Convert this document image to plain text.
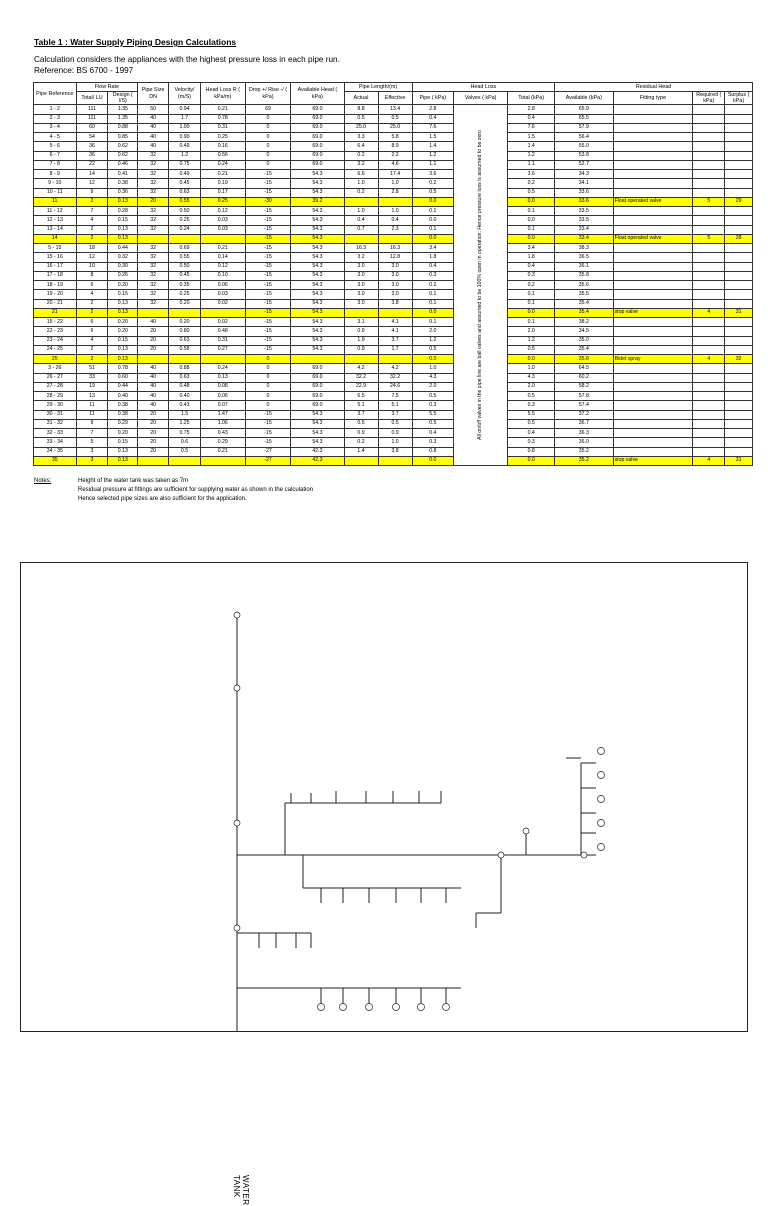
Table 1 : Water Supply Piping Design Calculations
Calculation considers the appliances with the highest pressure loss in each pipe run.
Reference: BS 6700 - 1997
Pipe Reference	Flow Rate		Pipe Size DN	Velocity/ (m/S)	Head Loss R ( kPa/m)	Drop +/ Rise -/ ( kPa)	Available Head ( kPa)	Pipe Length/(m)		Head Loss			Residual Head			
	Total/ LU	Design ( l/S)						Actual	Effective	Pipe ( kPa)	Valves ( kPa)	Total (kPa)	Available (kPa)	Fitting type	Required ( kPa)	Surplus ( kPa)
1 - 2	111	1.35	50	0.94	0.21	69	69.0	8.8	13.4	2.8	All on/off valves in the pipe line are ball valves and assumed to be 100% open in operation. Hence pressure loss is assumed to be zero	2.8	65.9			
2 - 3	111	1.35	40	1.7	0.78	0	69.0	0.5	0.5	0.4		0.4	65.5			
3 - 4	60	0.88	40	1.00	0.31	0	69.0	25.0	25.0	7.6		7.6	57.9			
4 - 5	54	0.85	40	0.90	0.25	0	69.0	3.3	5.8	1.5		1.5	56.4			
5 - 6	36	0.62	40	0.49	0.16	0	69.0	6.4	8.9	1.4		1.4	55.0			
6 - 7	36	0.62	32	1.2	0.56	0	69.0	0.2	2.2	1.2		1.2	53.8			
7 - 8	22	0.46	32	0.75	0.24	0	69.0	3.2	4.6	1.1		1.1	52.7			
8 - 9	14	0.41	32	0.49	0.21	-15	54.3	6.6	17.4	3.6		3.6	34.3			
9 - 10	12	0.38	32	0.45	0.19	-15	54.3	1.0	1.0	0.2		0.2	34.1			
10 - 11	9	0.36	32	0.63	0.17	-15	54.3	0.2	2.8	0.5		0.5	33.6			
11	2	0.13	20	0.55	0.25	-30	39.2			0.0		0.0	33.6	Float operated valve	5	29
11 - 12	7	0.28	32	0.50	0.12	-15	54.3	1.0	1.0	0.1		0.1	33.5			
12 - 13	4	0.15	32	0.25	0.03	-15	54.3	0.4	0.4	0.0		0.0	33.5			
13 - 14	2	0.13	32	0.24	0.03	-15	54.3	0.7	2.3	0.1		0.1	33.4			
14	2	0.13				-15	54.3			0.0		0.0	33.4	Float operated valve	5	28
5 - 15	18	0.44	32	0.69	0.21	-15	54.3	16.3	16.3	3.4		3.4	38.3			
15 - 16	12	0.32	32	0.55	0.14	-15	54.3	3.2	12.8	1.8		1.8	36.5			
16 - 17	10	0.30	32	0.50	0.12	-15	54.3	3.0	3.0	0.4		0.4	36.1			
17 - 18	8	0.26	32	0.45	0.10	-15	54.3	3.0	3.0	0.3		0.3	35.8			
18 - 19	6	0.20	32	0.35	0.06	-15	54.3	3.0	3.0	0.2		0.2	35.6			
19 - 20	4	0.15	32	0.25	0.03	-15	54.3	3.0	3.0	0.1		0.1	35.5			
20 - 21	2	0.13	32	0.20	0.02	-15	54.3	3.0	3.8	0.1		0.1	35.4			
21	2	0.13				-15	54.3			0.0		0.0	35.4	stop valve	4	31
15 - 22	6	0.20	40	0.20	0.02	-15	54.3	3.1	4.1	0.1		0.1	38.2			
22 - 23	6	0.20	20	0.80	0.48	-15	54.3	0.9	4.1	2.0		2.0	34.5			
23 - 24	4	0.15	20	0.63	0.31	-15	54.3	1.9	3.7	1.2		1.2	35.0			
24 - 25	2	0.13	20	0.58	0.27	-15	54.3	0.9	1.7	0.5		0.5	35.4			
25	2	0.13				0				0.0		0.0	35.6	Bidet spray	4	32
3 - 26	51	0.78	40	0.88	0.24	0	69.0	4.2	4.2	1.0		1.0	64.5			
26 - 27	33	0.60	40	0.63	0.13	0	69.0	32.2	32.2	4.3		4.3	60.2			
27 - 28	19	0.44	40	0.48	0.08	0	69.0	22.9	24.6	2.0		2.0	58.2			
28 - 29	13	0.40	40	0.40	0.06	0	69.0	6.5	7.5	0.5		0.5	57.8			
29 - 30	11	0.38	40	0.43	0.07	0	69.0	5.1	5.1	0.3		0.3	57.4			
30 - 31	11	0.38	20	1.5	1.47	-15	54.3	3.7	3.7	5.5		5.5	37.2			
31 - 32	9	0.29	20	1.25	1.06	-15	54.3	0.5	0.5	0.5		0.5	36.7			
32 - 33	7	0.20	20	0.75	0.43	-15	54.3	0.9	0.9	0.4		0.4	36.3			
33 - 34	5	0.15	20	0.6	0.29	-15	54.3	0.2	1.0	0.3		0.3	36.0			
34 - 35	3	0.13	20	0.5	0.21	-27	42.3	1.4	3.8	0.8		0.8	35.2			
35	3	0.13				-27	42.3			0.0		0.0	35.2	stop valve	4	31
Notes:	Height of the water tank was taken as 7m
Residual pressure at fittings are sufficient for supplying water as shown in the calculation
Hence selected pipe sizes are also sufficient for the application.
WATER TANK
